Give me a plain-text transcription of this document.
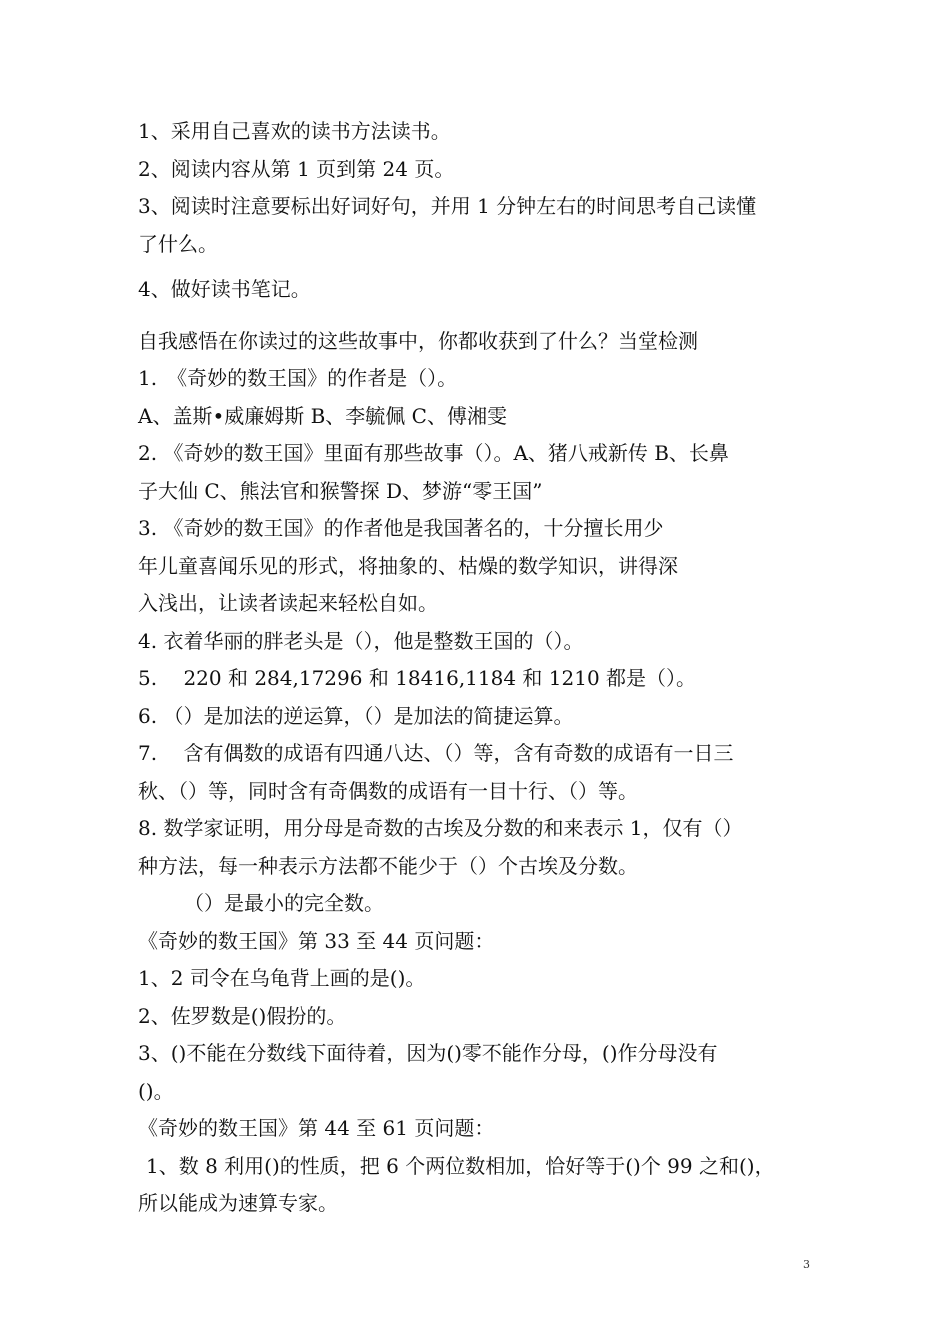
1、采用自己喜欢的读书方法读书。
2、阅读内容从第 1 页到第 24 页。
3、阅读时注意要标出好词好句，并用 1 分钟左右的时间思考自己读懂
了什么。
4、做好读书笔记。
自我感悟在你读过的这些故事中，你都收获到了什么？当堂检测
1.　《奇妙的数王国》的作者是（）。
A、盖斯•威廉姆斯 B、李毓佩 C、傅湘雯
2. 《奇妙的数王国》里面有那些故事（）。A、猪八戒新传 B、长鼻
子大仙 C、熊法官和猴警探 D、梦游“零王国”
3. 《奇妙的数王国》的作者他是我国著名的，十分擅长用少
年儿童喜闻乐见的形式，将抽象的、枯燥的数学知识，讲得深
入浅出，让读者读起来轻松自如。
4. 衣着华丽的胖老头是（），他是整数王国的（）。
5.　 220 和 284,17296 和 18416,1184 和 1210 都是（）。
6. （）是加法的逆运算，（）是加法的简捷运算。
7.　 含有偶数的成语有四通八达、（）等，含有奇数的成语有一日三
秋、（）等，同时含有奇偶数的成语有一目十行、（）等。
8. 数学家证明，用分母是奇数的古埃及分数的和来表示 1，仅有（）
种方法，每一种表示方法都不能少于（）个古埃及分数。
（）是最小的完全数。
《奇妙的数王国》第 33 至 44 页问题：
1、2 司令在乌龟背上画的是()。
2、佐罗数是()假扮的。
3、()不能在分数线下面待着，因为()零不能作分母，()作分母没有
()。
《奇妙的数王国》第 44 至 61 页问题：
1、数 8 利用()的性质，把 6 个两位数相加，恰好等于()个 99 之和()，
所以能成为速算专家。
3
